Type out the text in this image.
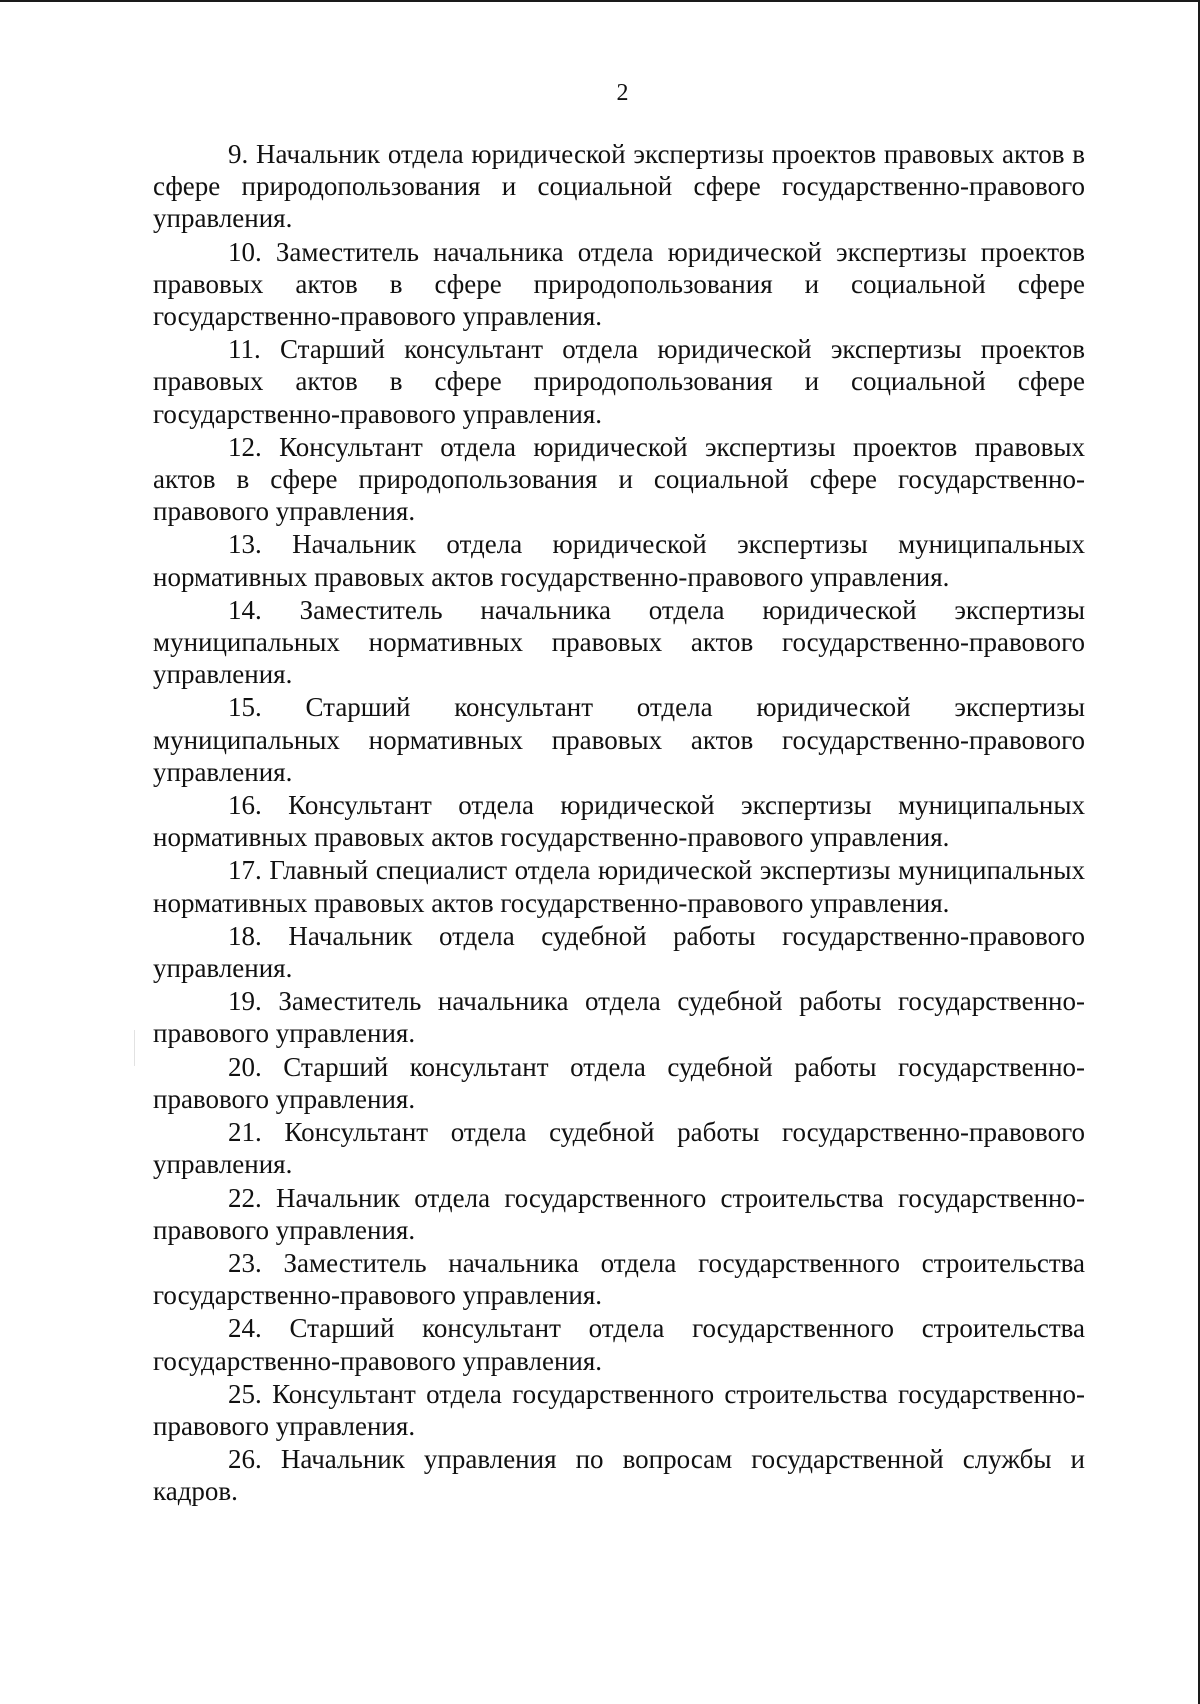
2

9. Начальник отдела юридической экспертизы проектов правовых актов в сфере природопользования и социальной сфере государственно-правового управления.

10. Заместитель начальника отдела юридической экспертизы проектов правовых актов в сфере природопользования и социальной сфере государственно-правового управления.

11. Старший консультант отдела юридической экспертизы проектов правовых актов в сфере природопользования и социальной сфере государственно-правового управления.

12. Консультант отдела юридической экспертизы проектов правовых актов в сфере природопользования и социальной сфере государственно-правового управления.

13. Начальник отдела юридической экспертизы муниципальных нормативных правовых актов государственно-правового управления.

14. Заместитель начальника отдела юридической экспертизы муниципальных нормативных правовых актов государственно-правового управления.

15. Старший консультант отдела юридической экспертизы муниципальных нормативных правовых актов государственно-правового управления.

16. Консультант отдела юридической экспертизы муниципальных нормативных правовых актов государственно-правового управления.

17. Главный специалист отдела юридической экспертизы муниципальных нормативных правовых актов государственно-правового управления.

18. Начальник отдела судебной работы государственно-правового управления.

19. Заместитель начальника отдела судебной работы государственно-правового управления.

20. Старший консультант отдела судебной работы государственно-правового управления.

21. Консультант отдела судебной работы государственно-правового управления.

22. Начальник отдела государственного строительства государственно-правового управления.

23. Заместитель начальника отдела государственного строительства государственно-правового управления.

24. Старший консультант отдела государственного строительства государственно-правового управления.

25. Консультант отдела государственного строительства государственно-правового управления.

26. Начальник управления по вопросам государственной службы и кадров.
